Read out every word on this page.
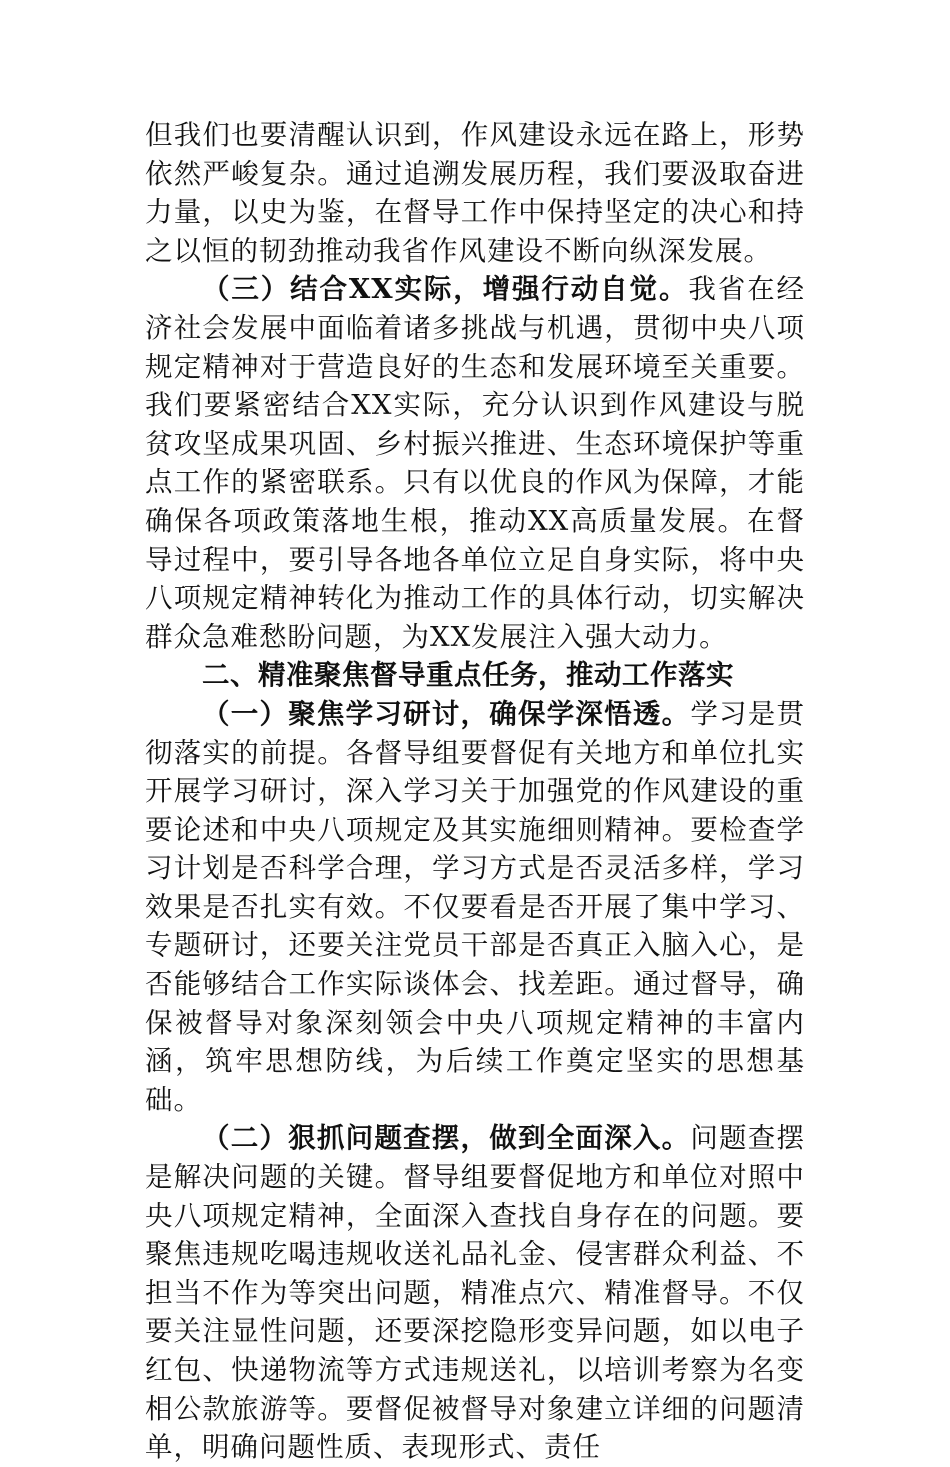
但我们也要清醒认识到，作风建设永远在路上，形势依然严峻复杂。通过追溯发展历程，我们要汲取奋进力量，以史为鉴，在督导工作中保持坚定的决心和持之以恒的韧劲推动我省作风建设不断向纵深发展。

（三）结合XX实际，增强行动自觉。我省在经济社会发展中面临着诸多挑战与机遇，贯彻中央八项规定精神对于营造良好的生态和发展环境至关重要。我们要紧密结合XX实际，充分认识到作风建设与脱贫攻坚成果巩固、乡村振兴推进、生态环境保护等重点工作的紧密联系。只有以优良的作风为保障，才能确保各项政策落地生根，推动XX高质量发展。在督导过程中，要引导各地各单位立足自身实际，将中央八项规定精神转化为推动工作的具体行动，切实解决群众急难愁盼问题，为XX发展注入强大动力。

二、精准聚焦督导重点任务，推动工作落实

（一）聚焦学习研讨，确保学深悟透。学习是贯彻落实的前提。各督导组要督促有关地方和单位扎实开展学习研讨，深入学习关于加强党的作风建设的重要论述和中央八项规定及其实施细则精神。要检查学习计划是否科学合理，学习方式是否灵活多样，学习效果是否扎实有效。不仅要看是否开展了集中学习、专题研讨，还要关注党员干部是否真正入脑入心，是否能够结合工作实际谈体会、找差距。通过督导，确保被督导对象深刻领会中央八项规定精神的丰富内涵，筑牢思想防线，为后续工作奠定坚实的思想基础。

（二）狠抓问题查摆，做到全面深入。问题查摆是解决问题的关键。督导组要督促地方和单位对照中央八项规定精神，全面深入查找自身存在的问题。要聚焦违规吃喝违规收送礼品礼金、侵害群众利益、不担当不作为等突出问题，精准点穴、精准督导。不仅要关注显性问题，还要深挖隐形变异问题，如以电子红包、快递物流等方式违规送礼，以培训考察为名变相公款旅游等。要督促被督导对象建立详细的问题清单，明确问题性质、表现形式、责任
